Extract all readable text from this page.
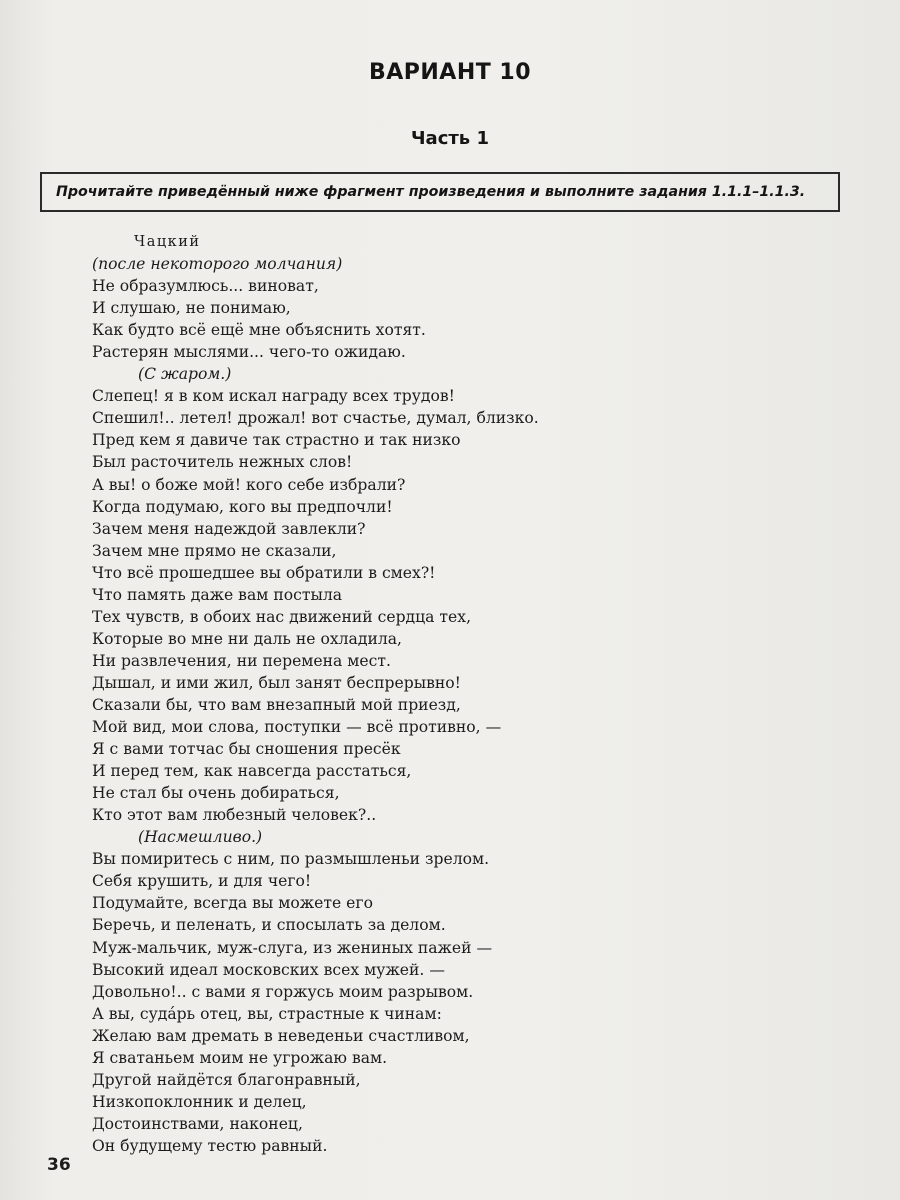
ВАРИАНТ 10
Часть 1
Прочитайте приведённый ниже фрагмент произведения и выполните задания 1.1.1–1.1.3.
Чацкий
(после некоторого молчания)
Не образумлюсь... виноват,
И слушаю, не понимаю,
Как будто всё ещё мне объяснить хотят.
Растерян мыслями... чего-то ожидаю.
(С жаром.)
Слепец! я в ком искал награду всех трудов!
Спешил!.. летел! дрожал! вот счастье, думал, близко.
Пред кем я давиче так страстно и так низко
Был расточитель нежных слов!
А вы! о боже мой! кого себе избрали?
Когда подумаю, кого вы предпочли!
Зачем меня надеждой завлекли?
Зачем мне прямо не сказали,
Что всё прошедшее вы обратили в смех?!
Что память даже вам постыла
Тех чувств, в обоих нас движений сердца тех,
Которые во мне ни даль не охладила,
Ни развлечения, ни перемена мест.
Дышал, и ими жил, был занят беспрерывно!
Сказали бы, что вам внезапный мой приезд,
Мой вид, мои слова, поступки — всё противно, —
Я с вами тотчас бы сношения пресёк
И перед тем, как навсегда расстаться,
Не стал бы очень добираться,
Кто этот вам любезный человек?..
(Насмешливо.)
Вы помиритесь с ним, по размышленьи зрелом.
Себя крушить, и для чего!
Подумайте, всегда вы можете его
Беречь, и пеленать, и спосылать за делом.
Муж-мальчик, муж-слуга, из жениных пажей —
Высокий идеал московских всех мужей. —
Довольно!.. с вами я горжусь моим разрывом.
А вы, судáрь отец, вы, страстные к чинам:
Желаю вам дремать в неведеньи счастливом,
Я сватаньем моим не угрожаю вам.
Другой найдётся благонравный,
Низкопоклонник и делец,
Достоинствами, наконец,
Он будущему тестю равный.
36
